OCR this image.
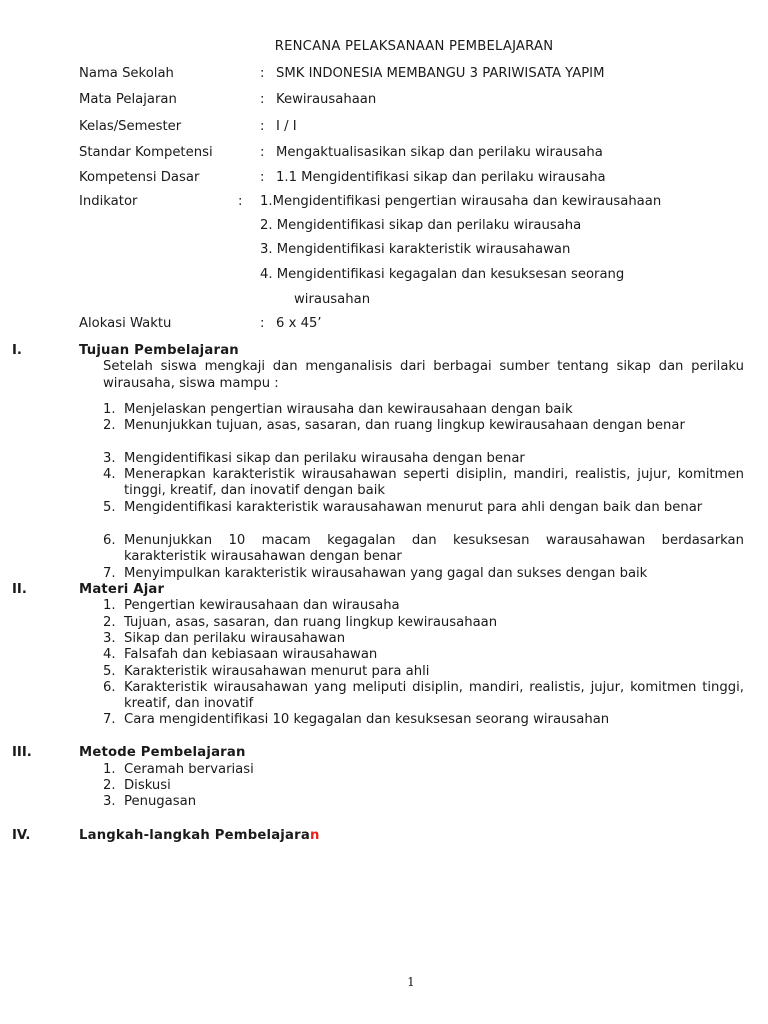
RENCANA PELAKSANAAN PEMBELAJARAN
Nama Sekolah	: SMK INDONESIA MEMBANGU 3 PARIWISATA YAPIM
Mata Pelajaran	: Kewirausahaan
Kelas/Semester	: I / I
Standar Kompetensi	: Mengaktualisasikan sikap dan perilaku wirausaha
Kompetensi Dasar	: 1.1 Mengidentifikasi sikap dan perilaku wirausaha
Indikator	: 1.Mengidentifikasi pengertian wirausaha dan kewirausahaan
2. Mengidentifikasi sikap dan perilaku wirausaha
3. Mengidentifikasi karakteristik wirausahawan
4. Mengidentifikasi kegagalan dan kesuksesan seorang
wirausahan
Alokasi Waktu	: 6 x 45’
I.	Tujuan Pembelajaran
Setelah siswa mengkaji dan menganalisis dari berbagai sumber tentang sikap dan perilaku wirausaha, siswa mampu :
1. Menjelaskan pengertian wirausaha dan kewirausahaan dengan baik
2. Menunjukkan tujuan, asas, sasaran, dan ruang lingkup kewirausahaan dengan benar
3. Mengidentifikasi sikap dan perilaku wirausaha dengan benar
4. Menerapkan karakteristik wirausahawan seperti disiplin, mandiri, realistis, jujur, komitmen tinggi, kreatif, dan inovatif dengan baik
5. Mengidentifikasi karakteristik warausahawan menurut para ahli dengan baik dan benar
6. Menunjukkan 10 macam kegagalan dan kesuksesan warausahawan berdasarkan karakteristik wirausahawan dengan benar
7. Menyimpulkan karakteristik wirausahawan yang gagal dan sukses dengan baik
II.	Materi Ajar
1. Pengertian kewirausahaan dan wirausaha
2. Tujuan, asas, sasaran, dan ruang lingkup kewirausahaan
3. Sikap dan perilaku wirausahawan
4. Falsafah dan kebiasaan wirausahawan
5. Karakteristik wirausahawan menurut para ahli
6. Karakteristik wirausahawan yang meliputi disiplin, mandiri, realistis, jujur, komitmen tinggi, kreatif, dan inovatif
7. Cara mengidentifikasi 10 kegagalan dan kesuksesan seorang wirausahan
III.	Metode Pembelajaran
1. Ceramah bervariasi
2. Diskusi
3. Penugasan
IV.	Langkah-langkah Pembelajaran
1
